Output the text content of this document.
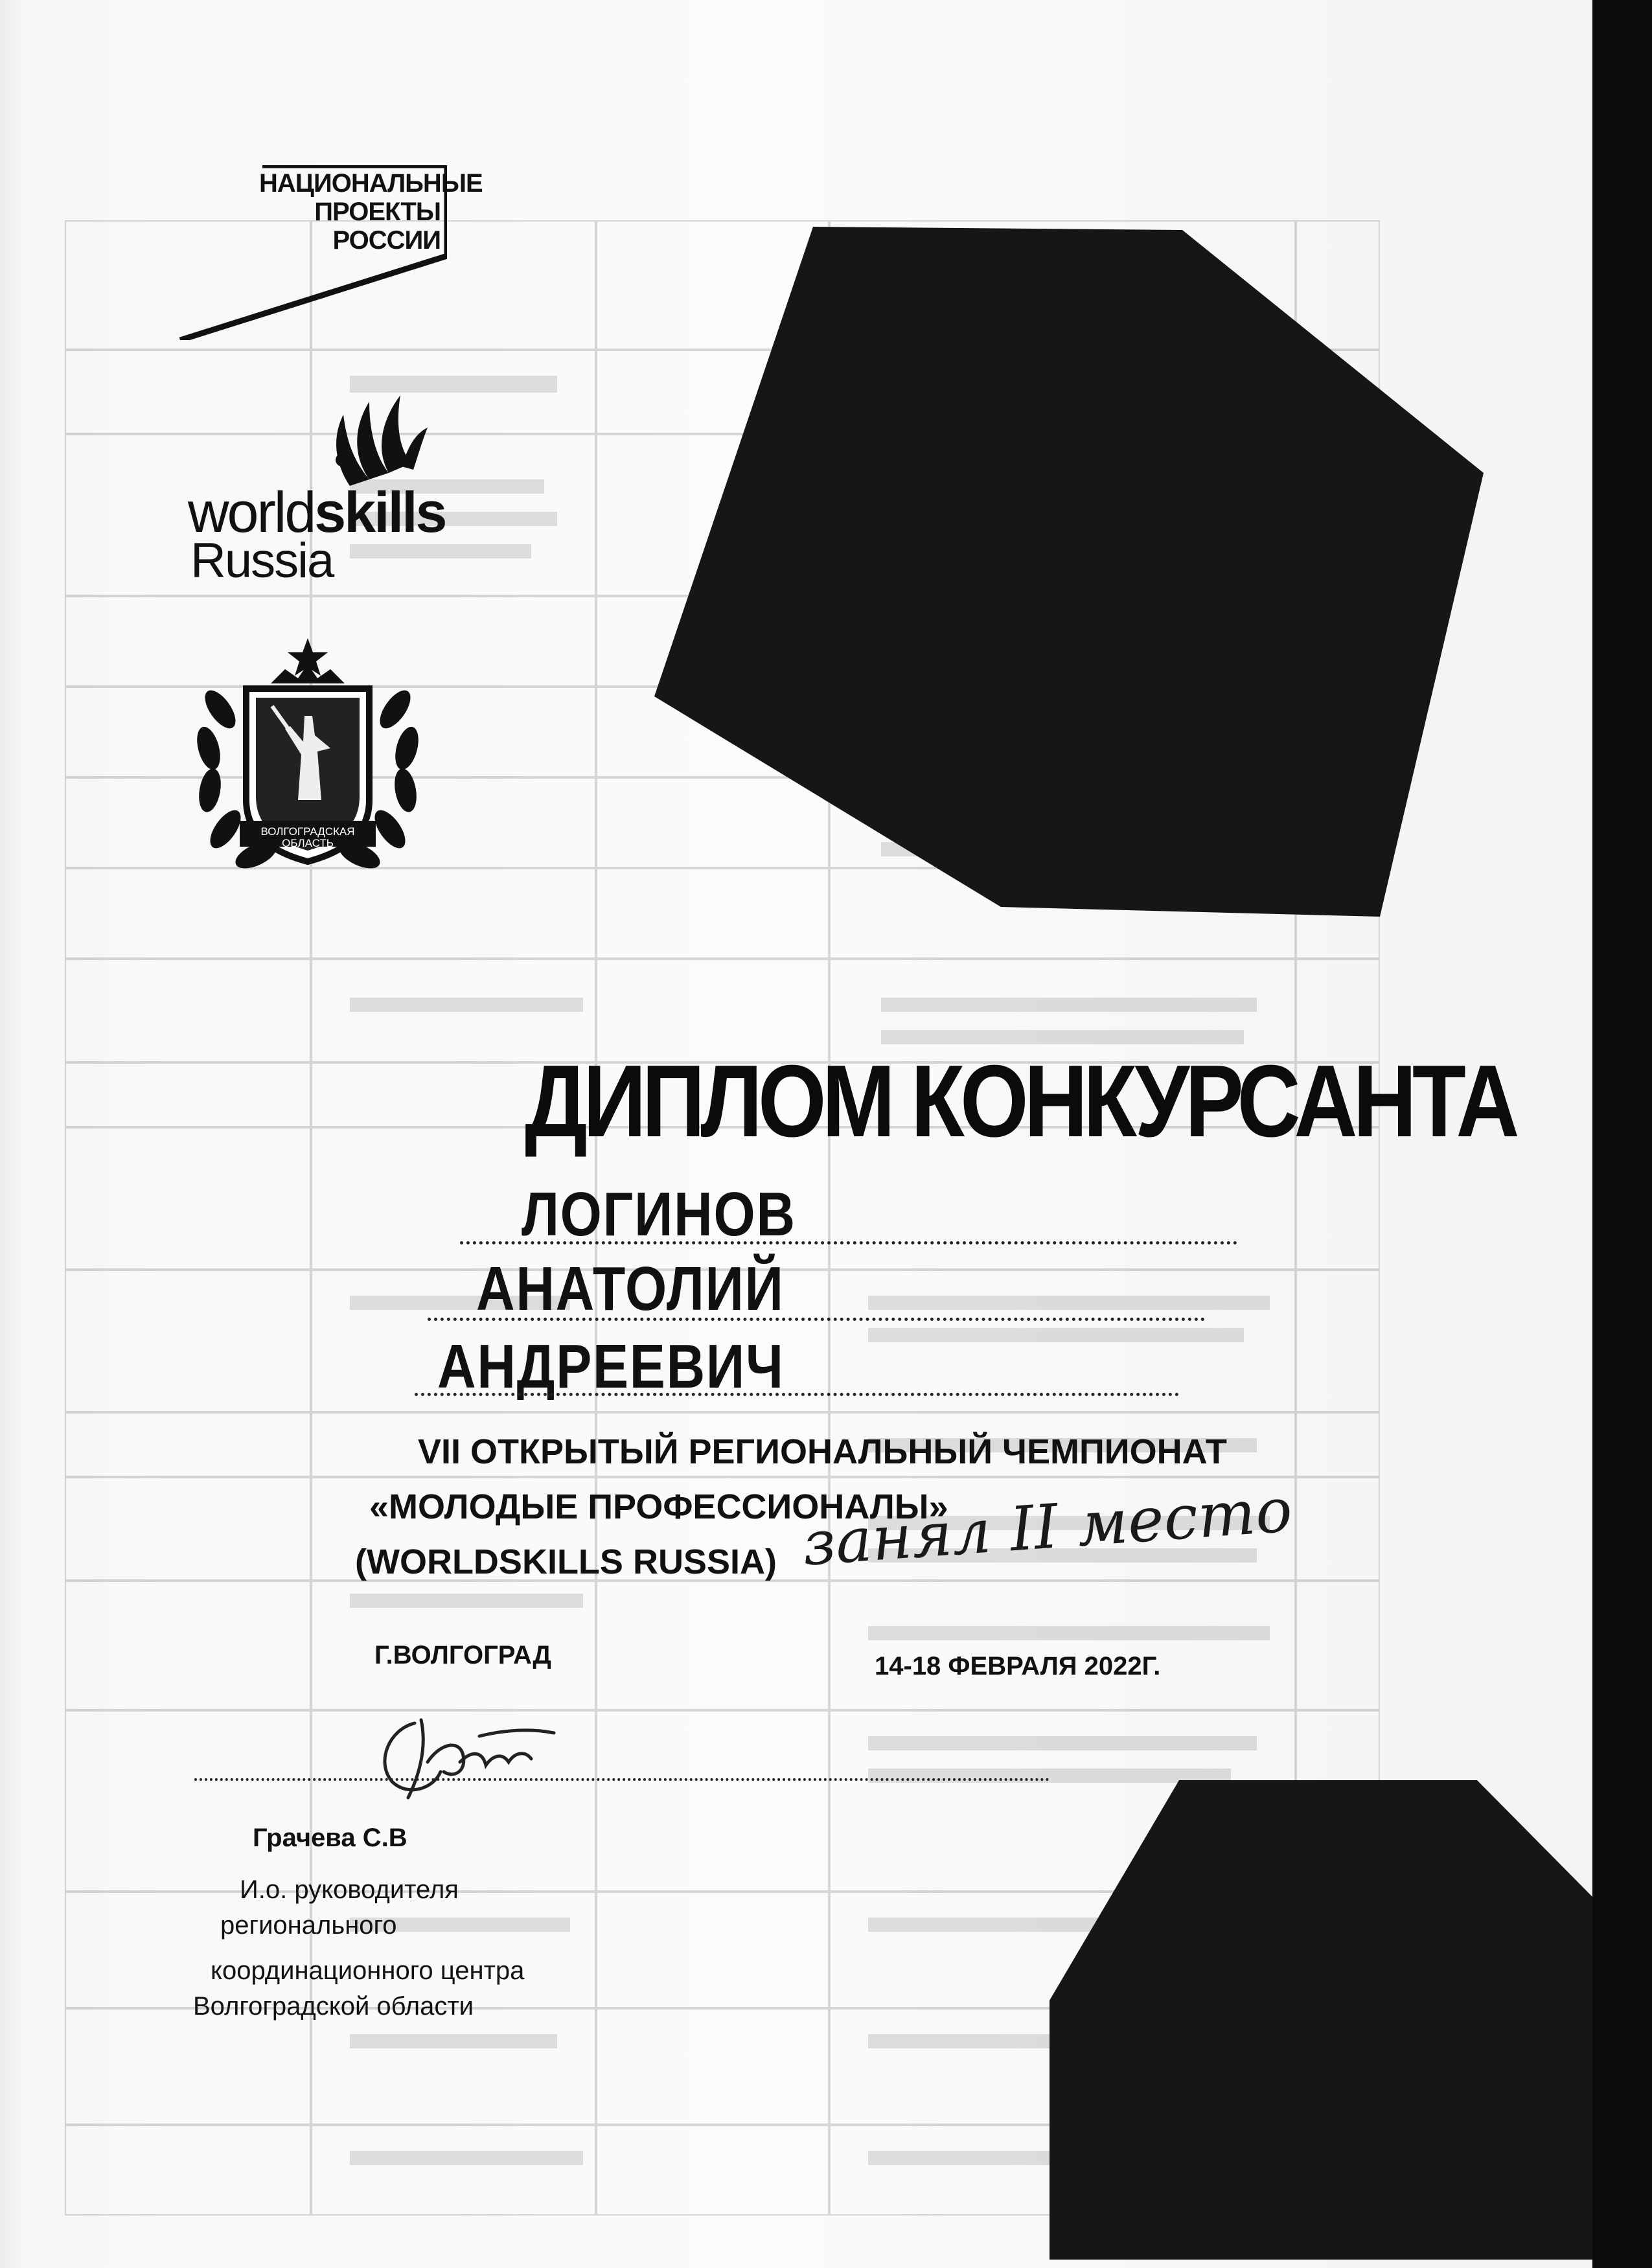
НАЦИОНАЛЬНЫЕ
ПРОЕКТЫ
РОССИИ
worldskills
Russia
ВОЛГОГРАДСКАЯ ОБЛАСТЬ
ДИПЛОМ КОНКУРСАНТА
ЛОГИНОВ
АНАТОЛИЙ
АНДРЕЕВИЧ
VII ОТКРЫТЫЙ РЕГИОНАЛЬНЫЙ ЧЕМПИОНАТ
«МОЛОДЫЕ ПРОФЕССИОНАЛЫ»
(WORLDSKILLS RUSSIA) занял II место
Г.ВОЛГОГРАД	14-18 ФЕВРАЛЯ 2022Г.
Грачева С.В
И.о. руководителя
регионального
координационного центра
Волгоградской области
